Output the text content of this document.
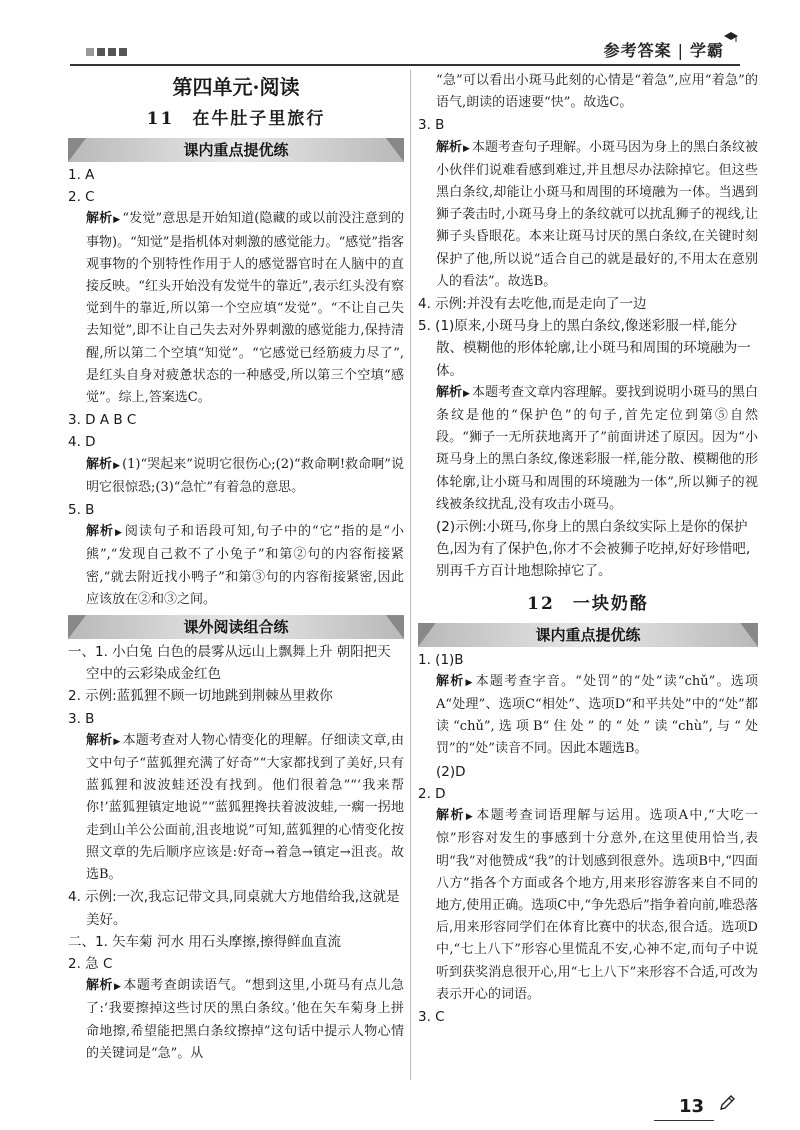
参考答案 | 学霸
第四单元·阅读
11 在牛肚子里旅行
课内重点提优练

1. A

2. C

解析 ▶ “发觉”意思是开始知道(隐藏的或以前没注意到的事物)。“知觉”是指机体对刺激的感觉能力。“感觉”指客观事物的个别特性作用于人的感觉器官时在人脑中的直接反映。“红头开始没有发觉牛的靠近”,表示红头没有察觉到牛的靠近,所以第一个空应填“发觉”。“不让自己失去知觉”,即不让自己失去对外界刺激的感觉能力,保持清醒,所以第二个空填“知觉”。“它感觉已经筋疲力尽了”,是红头自身对疲惫状态的一种感受,所以第三个空填“感觉”。综上,答案选C。

3. D A B C

4. D

解析 ▶ (1)“哭起来”说明它很伤心;(2)“救命啊!救命啊”说明它很惊恐;(3)“急忙”有着急的意思。

5. B

解析 ▶ 阅读句子和语段可知,句子中的“它”指的是“小熊”,“发现自己救不了小兔子”和第②句的内容衔接紧密,“就去附近找小鸭子”和第③句的内容衔接紧密,因此应该放在②和③之间。

课外阅读组合练

一、1. 小白兔 白色的晨雾从远山上飘舞上升 朝阳把天空中的云彩染成金红色

2. 示例:蓝狐狸不顾一切地跳到荆棘丛里救你

3. B

解析 ▶ 本题考查对人物心情变化的理解。仔细读文章,由文中句子“蓝狐狸充满了好奇”“大家都找到了美好,只有蓝狐狸和波波蛙还没有找到。他们很着急”“‘我来帮你!’蓝狐狸镇定地说”“蓝狐狸搀扶着波波蛙,一瘸一拐地走到山羊公公面前,沮丧地说”可知,蓝狐狸的心情变化按照文章的先后顺序应该是:好奇→着急→镇定→沮丧。故选B。

4. 示例:一次,我忘记带文具,同桌就大方地借给我,这就是美好。

二、1. 矢车菊 河水 用石头摩擦,擦得鲜血直流

2. 急 C

解析 ▶ 本题考查朗读语气。“想到这里,小斑马有点儿急了:‘我要擦掉这些讨厌的黑白条纹。’他在矢车菊身上拼命地擦,希望能把黑白条纹擦掉”这句话中提示人物心情的关键词是“急”。从

“急”可以看出小斑马此刻的心情是“着急”,应用“着急”的语气,朗读的语速要“快”。故选C。

3. B

解析 ▶ 本题考查句子理解。小斑马因为身上的黑白条纹被小伙伴们说难看感到难过,并且想尽办法除掉它。但这些黑白条纹,却能让小斑马和周围的环境融为一体。当遇到狮子袭击时,小斑马身上的条纹就可以扰乱狮子的视线,让狮子头昏眼花。本来让斑马讨厌的黑白条纹,在关键时刻保护了他,所以说“适合自己的就是最好的,不用太在意别人的看法”。故选B。

4. 示例:并没有去吃他,而是走向了一边

5. (1)原来,小斑马身上的黑白条纹,像迷彩服一样,能分散、模糊他的形体轮廓,让小斑马和周围的环境融为一体。

解析 ▶ 本题考查文章内容理解。要找到说明小斑马的黑白条纹是他的“保护色”的句子,首先定位到第⑤自然段。“狮子一无所获地离开了”前面讲述了原因。因为“小斑马身上的黑白条纹,像迷彩服一样,能分散、模糊他的形体轮廓,让小斑马和周围的环境融为一体”,所以狮子的视线被条纹扰乱,没有攻击小斑马。

(2)示例:小斑马,你身上的黑白条纹实际上是你的保护色,因为有了保护色,你才不会被狮子吃掉,好好珍惜吧,别再千方百计地想除掉它了。

12 一块奶酪
课内重点提优练

1. (1)B

解析 ▶ 本题考查字音。“处罚”的“处”读“chǔ”。选项A“处理”、选项C“相处”、选项D“和平共处”中的“处”都读“chǔ”,选项B“住处”的“处”读“chù”,与“处罚”的“处”读音不同。因此本题选B。

(2)D

2. D

解析 ▶ 本题考查词语理解与运用。选项A中,“大吃一惊”形容对发生的事感到十分意外,在这里使用恰当,表明“我”对他赞成“我”的计划感到很意外。选项B中,“四面八方”指各个方面或各个地方,用来形容游客来自不同的地方,使用正确。选项C中,“争先恐后”指争着向前,唯恐落后,用来形容同学们在体育比赛中的状态,很合适。选项D中,“七上八下”形容心里慌乱不安,心神不定,而句子中说听到获奖消息很开心,用“七上八下”来形容不合适,可改为表示开心的词语。

3. C

13
